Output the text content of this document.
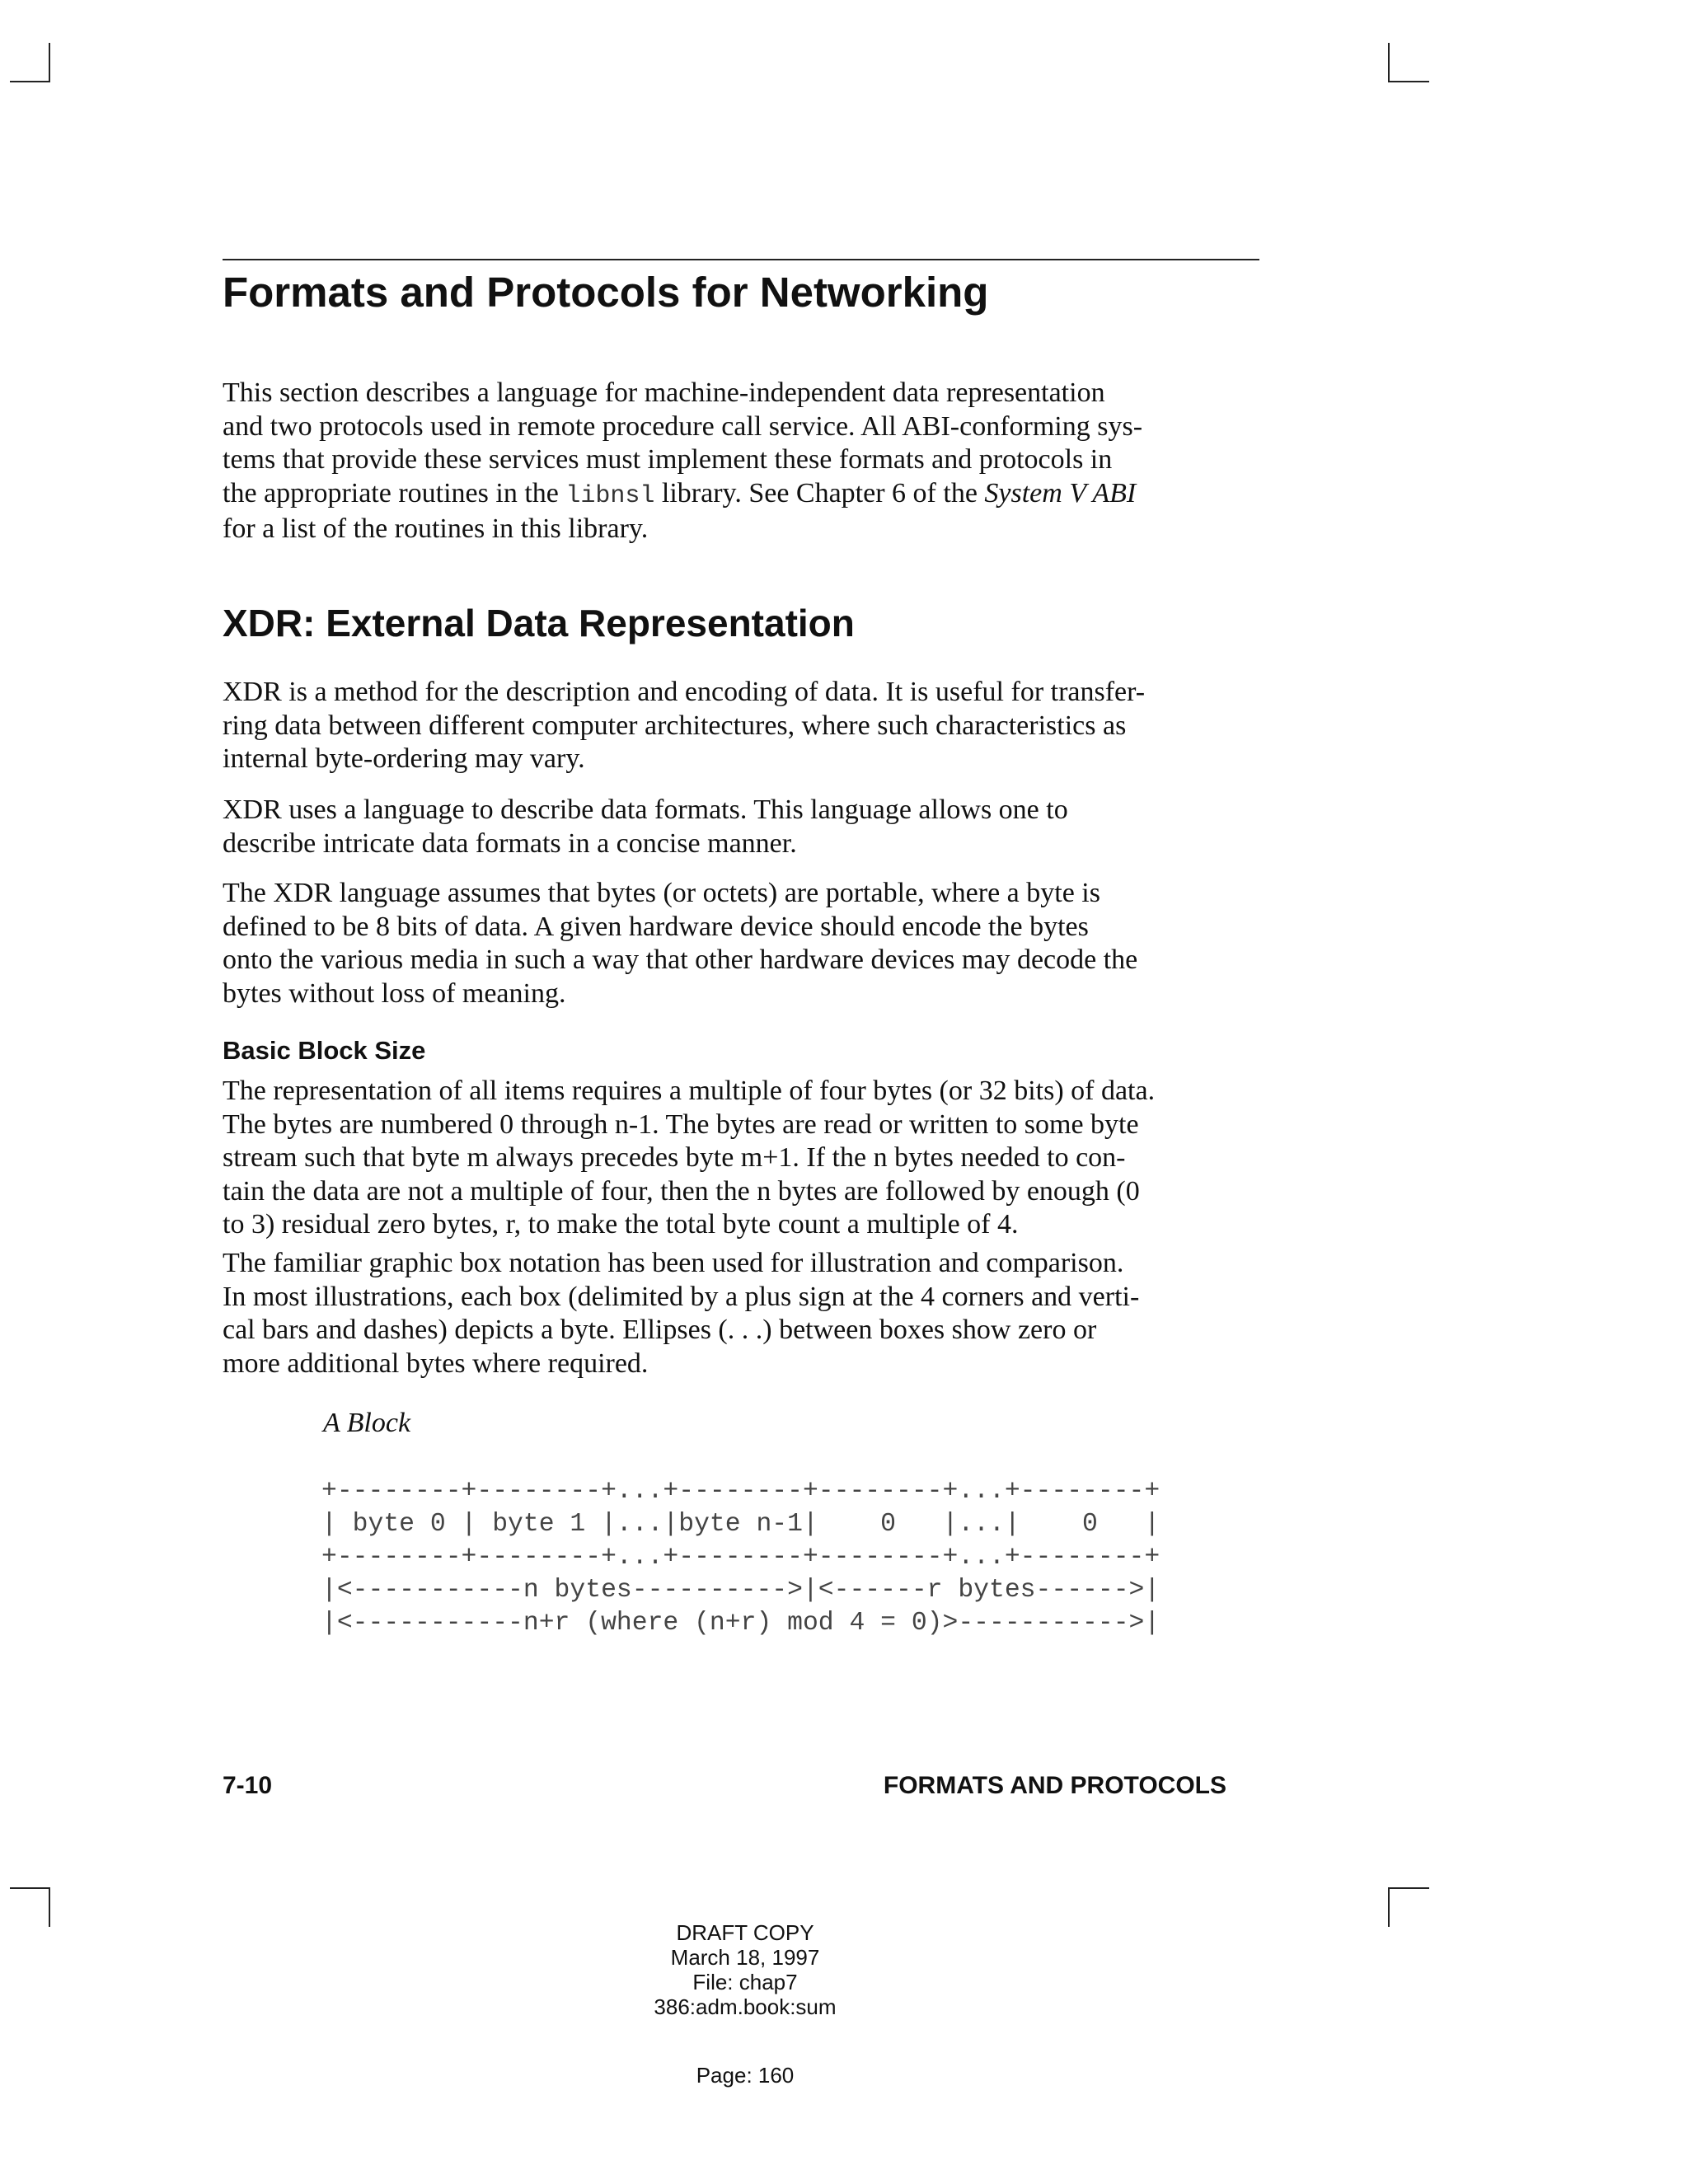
Formats and Protocols for Networking
This section describes a language for machine-independent data representation
and two protocols used in remote procedure call service. All ABI-conforming sys-
tems that provide these services must implement these formats and protocols in
the appropriate routines in the libnsl library. See Chapter 6 of the System V ABI
for a list of the routines in this library.
XDR: External Data Representation
XDR is a method for the description and encoding of data. It is useful for transfer-
ring data between different computer architectures, where such characteristics as
internal byte-ordering may vary.
XDR uses a language to describe data formats. This language allows one to
describe intricate data formats in a concise manner.
The XDR language assumes that bytes (or octets) are portable, where a byte is
defined to be 8 bits of data. A given hardware device should encode the bytes
onto the various media in such a way that other hardware devices may decode the
bytes without loss of meaning.
Basic Block Size
The representation of all items requires a multiple of four bytes (or 32 bits) of data.
The bytes are numbered 0 through n-1. The bytes are read or written to some byte
stream such that byte m always precedes byte m+1. If the n bytes needed to con-
tain the data are not a multiple of four, then the n bytes are followed by enough (0
to 3) residual zero bytes, r, to make the total byte count a multiple of 4.
The familiar graphic box notation has been used for illustration and comparison.
In most illustrations, each box (delimited by a plus sign at the 4 corners and verti-
cal bars and dashes) depicts a byte. Ellipses (. . .) between boxes show zero or
more additional bytes where required.
A Block
+--------+--------+...+--------+--------+...+--------+
| byte 0 | byte 1 |...|byte n-1|    0   |...|    0   |
+--------+--------+...+--------+--------+...+--------+
|<-----------n bytes---------->|<------r bytes------>|
|<-----------n+r (where (n+r) mod 4 = 0)>----------->|
7-10	FORMATS AND PROTOCOLS
DRAFT COPY
March 18, 1997
File: chap7
386:adm.book:sum
Page: 160
